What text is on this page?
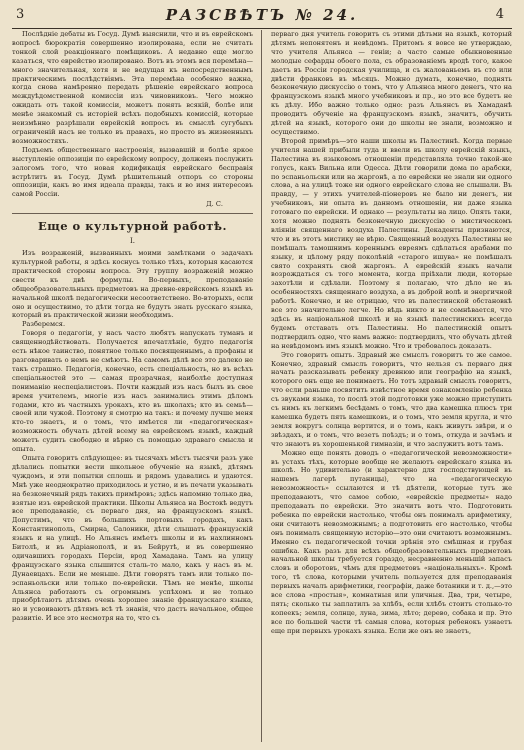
3	РАЗСВѢТЪ № 24.	4

Послѣдніе дебаты въ Госуд. Думѣ выяснили, что и въ еврейскомъ вопросѣ бюрократія совершенно изолирована, если не считать тонкой слой реакціоннаго помѣщиковъ. А недавно еще могло казаться, что еврейство изолировано. Вотъ въ этомъ вся перемѣна—много значительная, хотя и не ведущая къ непосредственнымъ практическимъ послѣдствіямъ. Эта перемѣна особенно важна, когда снова намѣренно передать рѣшеніе еврейскаго вопроса междуѣдомственной комиссіи изъ чиновниковъ. Чего можно ожидать отъ такой комиссіи, можетъ понять всякій, болѣе или менѣе знакомый съ исторіей всѣхъ подобныхъ комиссій, которые неизмѣнно разрѣшали еврейскій вопросъ въ смыслѣ сугубыхъ ограниченій насъ не только въ правахъ, но просто въ жизненныхъ возможностяхъ.

Подъемъ общественнаго настроенія, вызвавшій и болѣе яркое выступленіе оппозиціи по еврейскому вопросу, долженъ послужить залогомъ того, что новая кодификація еврейскаго бесправія встрѣтитъ въ Госуд. Думѣ рѣшительный отпоръ со стороны оппозиціи, какъ во имя идеала правды, такъ и во имя интересовъ самой Россіи.

Д. С.
Еще о культурной работѣ.
I.

Изъ возраженій, вызванныхъ моими замѣтками о задачахъ культурной работы, я здѣсь коснусь только тѣхъ, которыя касаются практической стороны вопроса. Эту группу возраженій можно свести къ двѣ формулы. Во-первыхъ, преподаваніе общеобразовательныхъ предметовъ на древне-еврейскомъ языкѣ въ начальной школѣ педагогически несоответствено. Во-вторыхъ, если оно и осуществимо, то дѣти тогда не будутъ знать русскаго языка, который въ практической жизни необходимъ.

Разберемся.

Говоря о педагогіи, у насъ часто любятъ напускать туманъ и священнодѣйствовать. Получается впечатлѣніе, будто педагогія есть нѣкое таинство, понятное только посвященнымъ, а профаны и разговаривать о немъ не смѣютъ. На самомъ дѣлѣ все это далеко не такъ страшно. Педагогія, конечно, есть спеціальность, но въ всѣхъ спеціальностей это — самая прозрачная, наиболѣе доступная пониманію неспеціалистовъ. Почти каждый изъ насъ былъ въ свое время учителемъ, многіе изъ насъ занимались этимъ дѣломъ годами, кто въ частныхъ урокахъ, кто въ школахъ; кто въ семьѣ—своей или чужой. Поэтому я смотрю на такъ: и почему лучше меня кто-то знаетъ, и о томъ, что имѣется ли «педагогическая» возможность обучать дѣтей всему на еврейскомъ языкѣ, каждый можетъ судить свободно и вѣрно съ помощью здраваго смысла и опыта.

Опыта говоритъ слѣдующее: въ тысячахъ мѣстъ тысячи разъ уже дѣлались попытки вести школьное обученіе на языкѣ, дѣтямъ чуждомъ, и эти попытки сплошь и рядомъ удавались и удаются. Мнѣ уже неоднократно приходилось и устно, и въ печати указывать на безконечный рядъ такихъ примѣровъ; здѣсь напомню только два, взятые изъ еврейской практики. Школы Альянса на Востокѣ ведутъ все преподаваніе, съ перваго дня, на французскомъ языкѣ. Допустимъ, что въ большихъ портовыхъ городахъ, какъ Константинополь, Смирна, Салоники, дѣти слышатъ французскій языкъ и на улицѣ. Но Альянсъ имѣетъ школы и въ нахлинномъ Битолѣ, и въ Адріанополѣ, и въ Бейрутѣ, и въ совершенно одичавшихъ городахъ Персіи, врод Хамадана. Тамъ на улицу французскаго языка слышится сталь-то мало, какъ у насъ въ м. Дунаевцахъ. Если не меньше. Дѣти говорятъ тамъ или только по-эспаньольски или только по-еврейски. Тѣмъ не менѣе, школы Альянса работаютъ съ огромнымъ успѣхомъ и не только приобрѣтаютъ дѣтямъ очень хорошее знаніе французскаго языка, но и усвоиваютъ дѣтямъ всѣ тѣ знанія, что дастъ начальное, общее развитіе. И все это несмотря на то, что съ

перваго дня учитель говоритъ съ этими дѣтьми на языкѣ, который дѣтямъ непонятенъ и невѣдомъ. Притомъ я вовсе не утверждаю, что учителя Альянса — геніи; а часто самые обыкновенные молодые сефарды обоего пола, съ образованіемъ вродѣ того, какое даетъ въ Россіи городская училища, и съ жалованьемъ въ сто или двѣсти франковъ въ мѣсяцъ. Можно думать, конечно, поднять безконечную дискуссію о томъ, что у Альянса много денегъ, что на французскомъ языкѣ много учебниковъ и пр., но это все будетъ не къ дѣлу. Ибо важно только одно: разъ Альянсъ въ Хамаданѣ проводитъ обученіе на французскомъ языкѣ, значитъ, обучить дѣтей на языкѣ, которого они до школы не знали, возможно и осуществимо.

Второй примѣръ—это наши школы въ Палестинѣ. Когда первые учителя нашей прибыли туда и ввели въ школу еврейскій языкъ, Палестина въ языковомъ отношеніи представляла точно такой-же голусъ, какъ Вильна или Одесса. Дѣти говорили дома по арабски, по эспаньольски или на жаргонѣ, а по еврейски не знали ни одного слова, а на улицѣ тоже ни одного еврейскаго слова не слышали. Въ правду, — у этихъ учителей-піонеровъ не было ни денегъ, ни учебниковъ, ни опыта въ данномъ отношеніи, ни даже языка готоваго по еврейски. И однако — результаты на лицо. Опять таки, хотя можно поднять безконечную дискуссію о мистическомъ вліяніи священнаго воздуха Палестины. Декаденты признаются, что и въ этотъ мистику не вѣрю. Священный воздухъ Палестины не помѣшалъ тамошнимъ кореннымъ евреямъ сдѣлаться арабами по языку, и цѣлому ряду поколѣній «старого ишува» не помѣшалъ свято сохранять свой жаргонъ. А еврейскій языкъ начали возрождаться съ того момента, когда пріѣхали люди, которые захотѣли и сдѣлали. Поэтому я полагаю, что дѣло не въ особенностяхъ священнаго воздуха, а въ доброй волѣ и энергичной работѣ. Конечно, и не отрицаю, что въ палестинской обстановкѣ все это значительно легче. Но вѣдь никто и не сомнѣвается, что здѣсь въ національной школѣ и на языкѣ палестинскихъ всегда будемъ отставать отъ Палестины. Но палестинскій опытъ подтвердилъ одно, что намъ важно: подтвердилъ, что обучать дѣтей на невѣдомомъ имъ языкѣ можно. Что и требовалось доказать.

Это говоритъ опытъ. Здравый же смыслъ говоритъ то же самое. Конечно, здравый смыслъ говоритъ, что нельзя съ перваго дня начать разсказывать ребенку древнюю или географію на языкѣ, которого онъ еще не понимаетъ. Но тотъ здравый смыслъ говоритъ, что если раньше посвятить извѣстное время ознакомленію ребенка съ звуками языка, то послѣ этой подготовки уже можно приступить съ нимъ къ легкимъ бесѣдамъ о томъ, что два камешка плюсъ три камешка будетъ пять камешковъ, и о томъ, что земля кругла, и что земля вокругъ солнца вертится, и о томъ, какъ живутъ звѣри, и о звѣздахъ, и о томъ, что везетъ поѣздъ; и о томъ, откуда и зачѣмъ и что знаютъ въ хорошенькой гимназіи, и что заслужитъ вотъ тамъ.

Можно еще понять доводъ о «педагогической невозможности» въ устахъ тѣхъ, которые вообще не желаютъ еврейскаго языка въ школѣ. Но удивительно (и характерно для господствующей въ нашемъ лагерѣ путаницы), что на «педагогическую невозможность» ссылаются и тѣ дѣятели, которые тутъ же преподаваютъ, что самое собою, «еврейскіе предметы» надо преподавать по еврейски. Это значитъ вотъ что. Подготовить ребенка по еврейски настолько, чтобы онъ понималъ арифметику, они считаютъ невозможнымъ; а подготовить его настолько, чтобы онъ понималъ священную исторію—это они считаютъ возможнымъ. Именно съ педагогической точки зрѣнія это смѣшная и грубая ошибка. Какъ разъ для всѣхъ общеобразовательныхъ предметовъ начальной школы требуется гораздо, несравненно меньшій запасъ словъ и оборотовъ, чѣмъ для предметовъ «національныхъ». Кромѣ того, тѣ слова, которыми учитель пользуется для преподаванія первыхъ началъ арифметики, географіи, даже ботаники и т. д.,—это все слова «простыя», комнатныя или уличныя. Два, три, четыре, пять; сколько ты заплатилъ за хлѣбъ, если хлѣбъ стоитъ столько-то копеекъ; земля, солнце, луна, зима, лѣто; дерево, собака и пр. Это все по большей части тѣ самыя слова, которыя ребенокъ узнаетъ еще при первыхъ урокахъ языка. Если же онъ не знаетъ,
